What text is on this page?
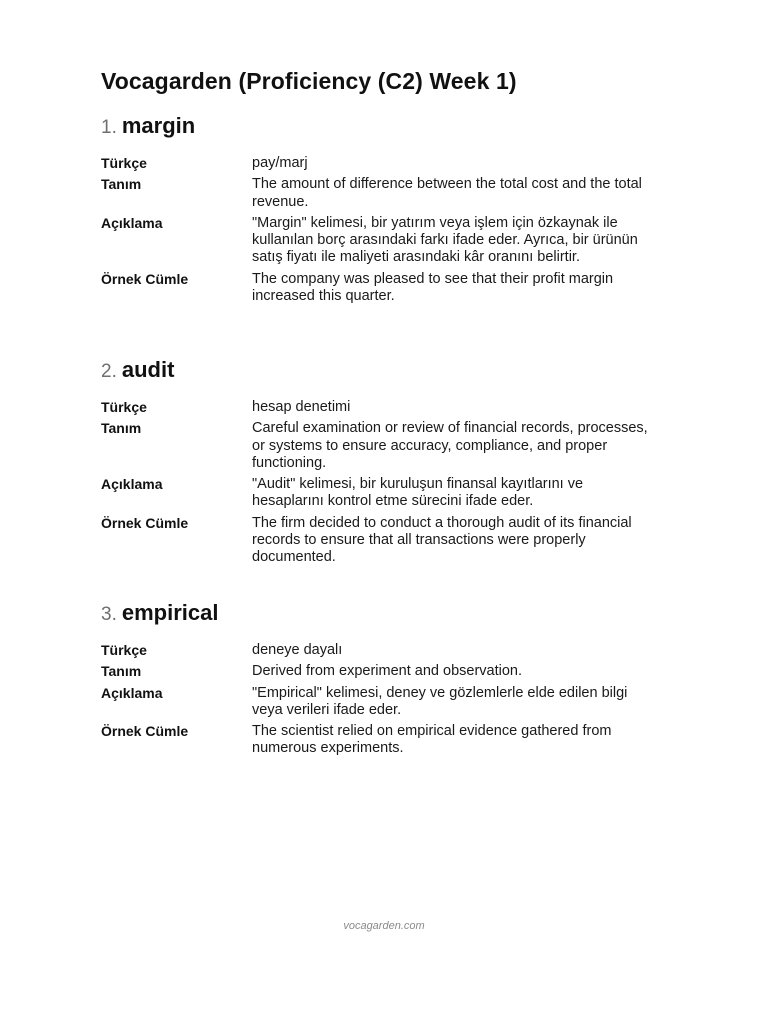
Vocagarden (Proficiency (C2) Week 1)
1. margin
Türkçe	pay/marj
Tanım	The amount of difference between the total cost and the total revenue.
Açıklama	"Margin" kelimesi, bir yatırım veya işlem için özkaynak ile kullanılan borç arasındaki farkı ifade eder. Ayrıca, bir ürünün satış fiyatı ile maliyeti arasındaki kâr oranını belirtir.
Örnek Cümle	The company was pleased to see that their profit margin increased this quarter.
2. audit
Türkçe	hesap denetimi
Tanım	Careful examination or review of financial records, processes, or systems to ensure accuracy, compliance, and proper functioning.
Açıklama	"Audit" kelimesi, bir kuruluşun finansal kayıtlarını ve hesaplarını kontrol etme sürecini ifade eder.
Örnek Cümle	The firm decided to conduct a thorough audit of its financial records to ensure that all transactions were properly documented.
3. empirical
Türkçe	deneye dayalı
Tanım	Derived from experiment and observation.
Açıklama	"Empirical" kelimesi, deney ve gözlemlerle elde edilen bilgi veya verileri ifade eder.
Örnek Cümle	The scientist relied on empirical evidence gathered from numerous experiments.
vocagarden.com
